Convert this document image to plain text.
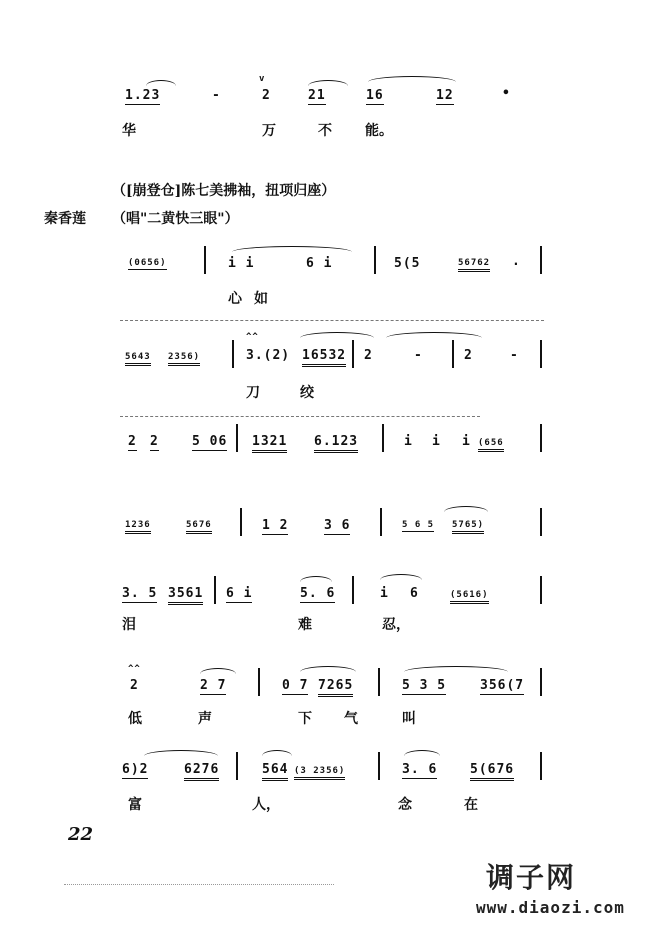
1.23	-	2
v
21	16	12	•
华	万	不 能。
（[崩登仓]陈七美拂袖，扭项归座）
秦香莲 （唱"二黄快三眼"）
(0656)	i i	6 i	5(5	56762 .
心 如
5643 2356)
^^
3.(2) 16532 2	-	2	-
刀	绞
2 2	5 06 1321 6.123	i i i (656
1236	5676	1 2	3 6	5 6 5 5765)
3. 5 3561 6 i	5. 6	i 6	(5616)
泪	难	忍，
^^
2	2 7	0 7 7265	5 3 5	356(7
低	声	下 气	叫
6)2	6276	564 (3 2356)	3. 6	5(676
富	人，	念	在
22
调子网
www.diaozi.com
